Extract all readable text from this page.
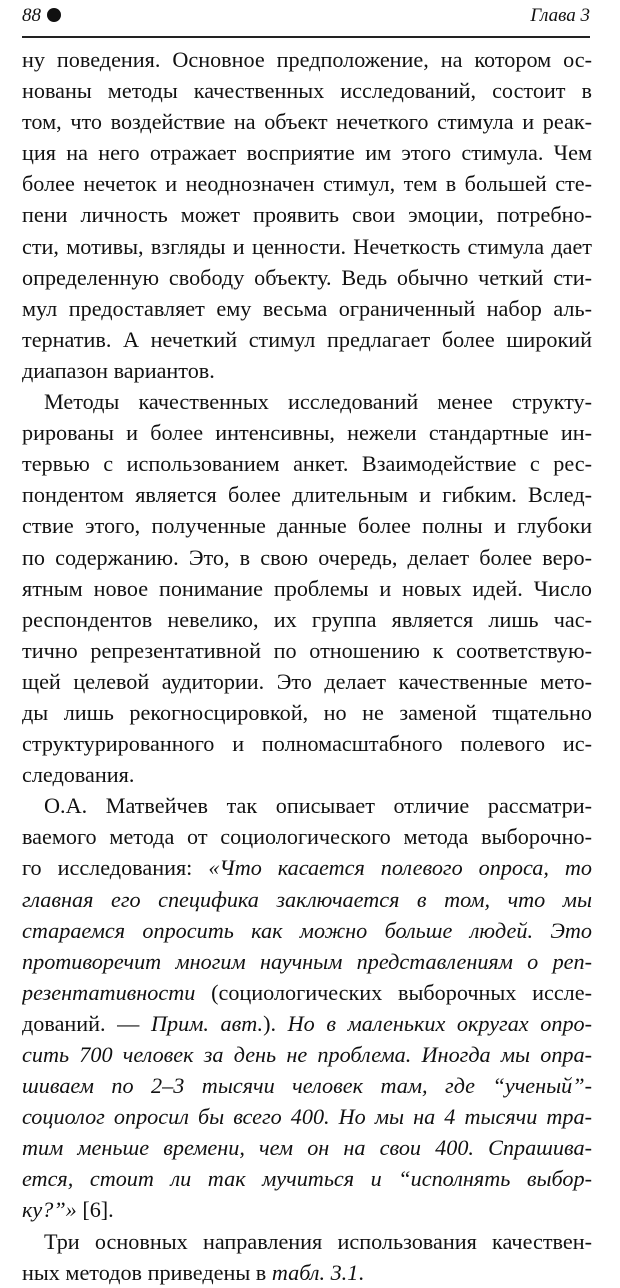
88	Глава 3
ну поведения. Основное предположение, на котором ос-
нованы методы качественных исследований, состоит в
том, что воздействие на объект нечеткого стимула и реак-
ция на него отражает восприятие им этого стимула. Чем
более нечеток и неоднозначен стимул, тем в большей сте-
пени личность может проявить свои эмоции, потребно-
сти, мотивы, взгляды и ценности. Нечеткость стимула дает
определенную свободу объекту. Ведь обычно четкий сти-
мул предоставляет ему весьма ограниченный набор аль-
тернатив. А нечеткий стимул предлагает более широкий
диапазон вариантов.
Методы качественных исследований менее структу-
рированы и более интенсивны, нежели стандартные ин-
тервью с использованием анкет. Взаимодействие с рес-
пондентом является более длительным и гибким. Вслед-
ствие этого, полученные данные более полны и глубоки
по содержанию. Это, в свою очередь, делает более веро-
ятным новое понимание проблемы и новых идей. Число
респондентов невелико, их группа является лишь час-
тично репрезентативной по отношению к соответствую-
щей целевой аудитории. Это делает качественные мето-
ды лишь рекогносцировкой, но не заменой тщательно
структурированного и полномасштабного полевого ис-
следования.
О.А. Матвейчев так описывает отличие рассматри-
ваемого метода от социологического метода выборочно-
го исследования: «Что касается полевого опроса, то
главная его специфика заключается в том, что мы
стараемся опросить как можно больше людей. Это
противоречит многим научным представлениям о реп-
резентативности (социологических выборочных иссле-
дований. — Прим. авт.). Но в маленьких округах опро-
сить 700 человек за день не проблема. Иногда мы опра-
шиваем по 2–3 тысячи человек там, где “ученый”-
социолог опросил бы всего 400. Но мы на 4 тысячи тра-
тим меньше времени, чем он на свои 400. Спрашива-
ется, стоит ли так мучиться и “исполнять выбор-
ку?”» [6].
Три основных направления использования качествен-
ных методов приведены в табл. 3.1.
